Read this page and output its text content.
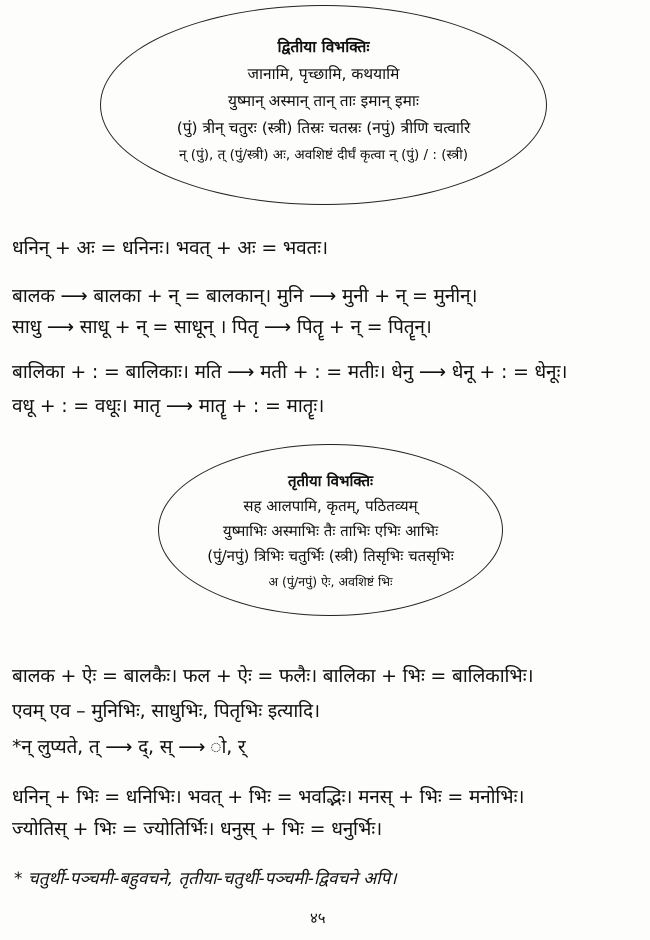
द्वितीया विभक्तिः
जानामि, पृच्छामि, कथयामि
युष्मान् अस्मान् तान् ताः इमान् इमाः
(पुं) त्रीन् चतुरः (स्त्री) तिस्रः चतस्रः (नपुं) त्रीणि चत्वारि
न् (पुं), त् (पुं/स्त्री) अः, अवशिष्टं दीर्घं कृत्वा न् (पुं) / : (स्त्री)
धनिन् + अः = धनिनः। भवत् + अः = भवतः।
बालक ⟶ बालका + न् = बालकान्। मुनि ⟶ मुनी + न् = मुनीन्।
साधु ⟶ साधू + न् = साधून् । पितृ ⟶ पितॄ + न् = पितॄन्।
बालिका + : = बालिकाः। मति ⟶ मती + : = मतीः। धेनु ⟶ धेनू + : = धेनूः।
वधू + : = वधूः। मातृ ⟶ मातॄ + : = मातॄः।
तृतीया विभक्तिः
सह आलपामि, कृतम्, पठितव्यम्
युष्माभिः अस्माभिः तैः ताभिः एभिः आभिः
(पुं/नपुं) त्रिभिः चतुर्भिः (स्त्री) तिसृभिः चतसृभिः
अ (पुं/नपुं) ऐः, अवशिष्टं भिः
बालक + ऐः = बालकैः। फल + ऐः = फलैः। बालिका + भिः = बालिकाभिः।
एवम् एव – मुनिभिः, साधुभिः, पितृभिः इत्यादि।
*न् लुप्यते, त् ⟶ द्, स् ⟶ ो, र्
धनिन् + भिः = धनिभिः। भवत् + भिः = भवद्भिः। मनस् + भिः = मनोभिः।
ज्योतिस् + भिः = ज्योतिर्भिः। धनुस् + भिः = धनुर्भिः।
* चतुर्थी-पञ्चमी-बहुवचने, तृतीया-चतुर्थी-पञ्चमी-द्विवचने अपि।
४५
